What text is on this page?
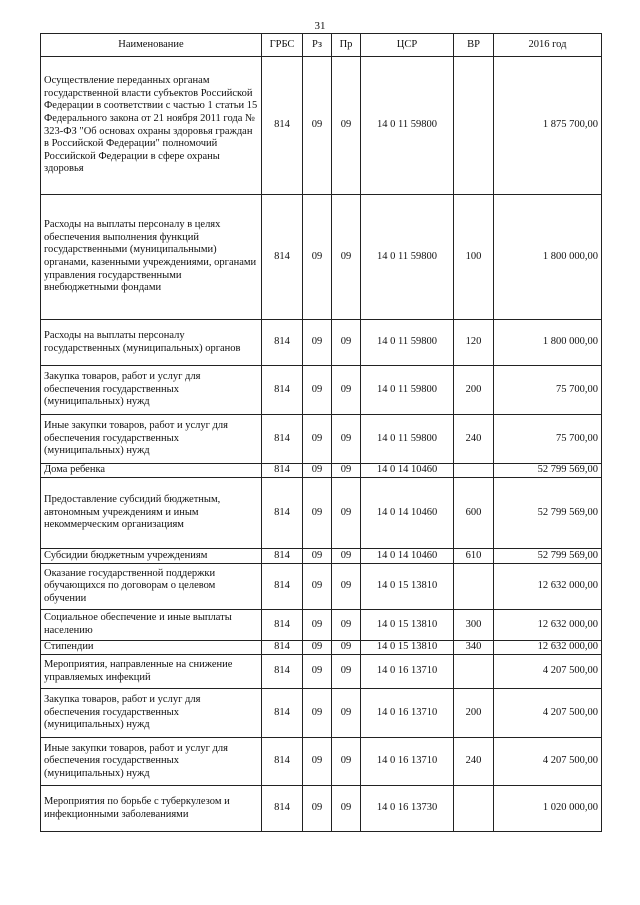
31
Наименование	ГРБС	Рз	Пр	ЦСР	ВР	2016 год
Осуществление переданных органам государственной власти субъектов Российской Федерации в соответствии с частью 1 статьи 15 Федерального закона от 21 ноября 2011 года № 323-ФЗ "Об основах охраны здоровья граждан в Российской Федерации" полномочий Российской Федерации в сфере охраны здоровья	814	09	09	14 0 11 59800		1 875 700,00
Расходы на выплаты персоналу в целях обеспечения выполнения функций государственными (муниципальными) органами, казенными учреждениями, органами управления государственными внебюджетными фондами	814	09	09	14 0 11 59800	100	1 800 000,00
Расходы на выплаты персоналу государственных (муниципальных) органов	814	09	09	14 0 11 59800	120	1 800 000,00
Закупка товаров, работ и услуг для обеспечения государственных (муниципальных) нужд	814	09	09	14 0 11 59800	200	75 700,00
Иные закупки товаров, работ и услуг для обеспечения государственных (муниципальных) нужд	814	09	09	14 0 11 59800	240	75 700,00
Дома ребенка	814	09	09	14 0 14 10460		52 799 569,00
Предоставление субсидий бюджетным, автономным учреждениям и иным некоммерческим организациям	814	09	09	14 0 14 10460	600	52 799 569,00
Субсидии бюджетным учреждениям	814	09	09	14 0 14 10460	610	52 799 569,00
Оказание государственной поддержки обучающихся по договорам о целевом обучении	814	09	09	14 0 15 13810		12 632 000,00
Социальное обеспечение и иные выплаты населению	814	09	09	14 0 15 13810	300	12 632 000,00
Стипендии	814	09	09	14 0 15 13810	340	12 632 000,00
Мероприятия, направленные на снижение управляемых инфекций	814	09	09	14 0 16 13710		4 207 500,00
Закупка товаров, работ и услуг для обеспечения государственных (муниципальных) нужд	814	09	09	14 0 16 13710	200	4 207 500,00
Иные закупки товаров, работ и услуг для обеспечения государственных (муниципальных) нужд	814	09	09	14 0 16 13710	240	4 207 500,00
Мероприятия по борьбе с туберкулезом и инфекционными заболеваниями	814	09	09	14 0 16 13730		1 020 000,00
